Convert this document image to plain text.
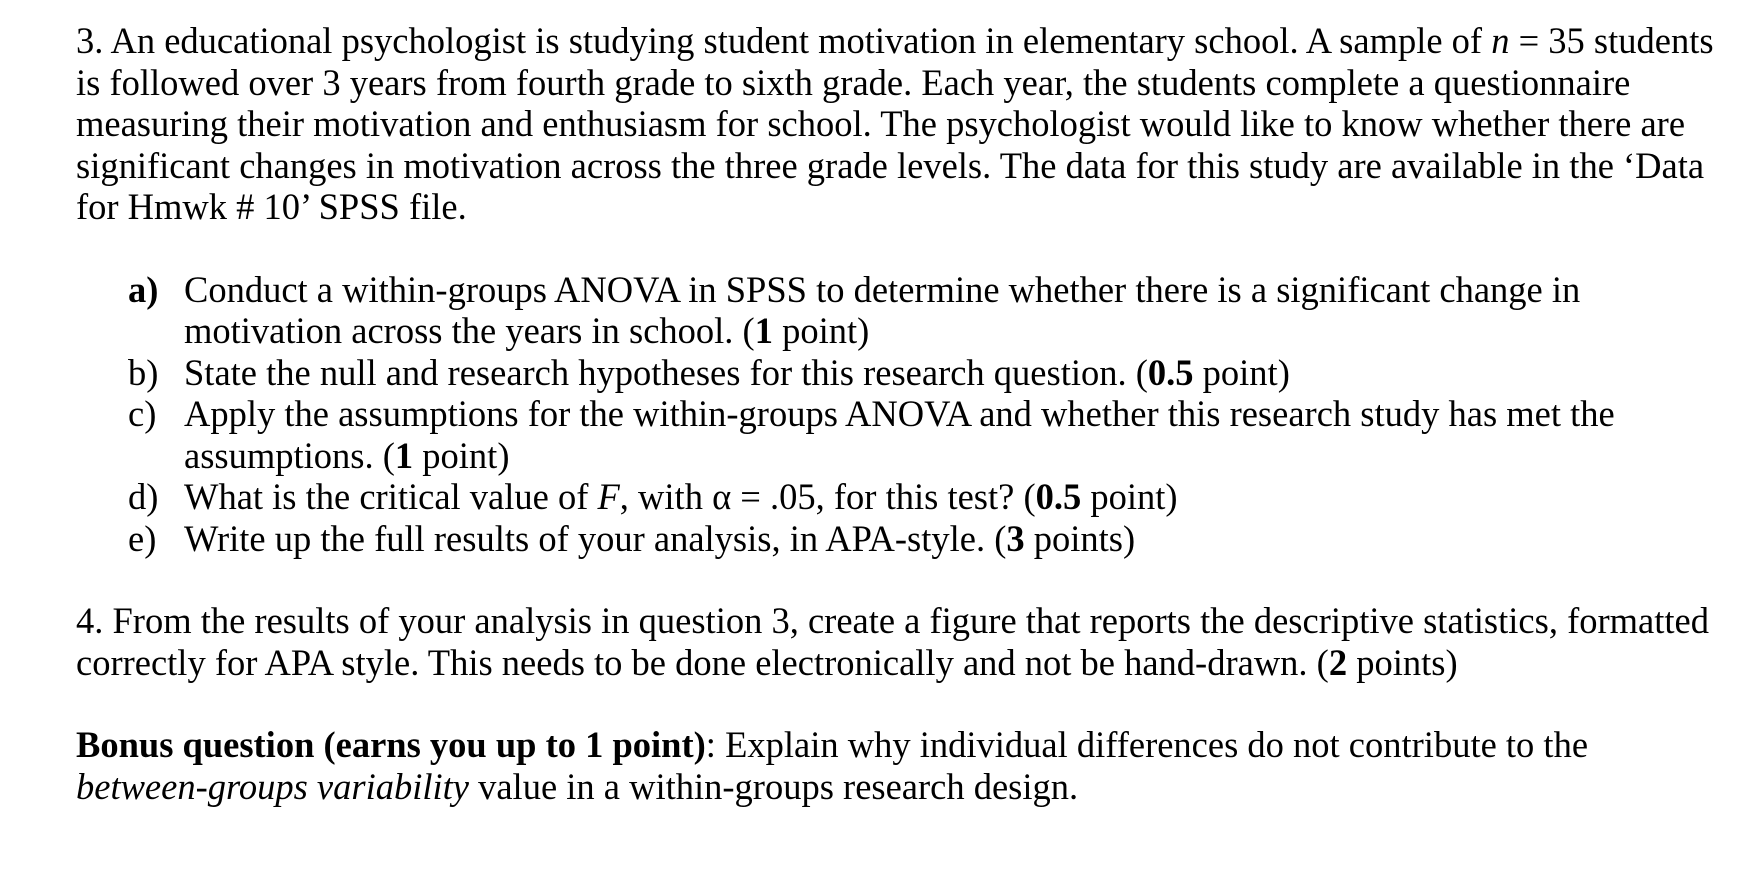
3. An educational psychologist is studying student motivation in elementary school. A sample of n = 35 students is followed over 3 years from fourth grade to sixth grade. Each year, the students complete a questionnaire measuring their motivation and enthusiasm for school. The psychologist would like to know whether there are significant changes in motivation across the three grade levels. The data for this study are available in the ‘Data for Hmwk # 10’ SPSS file.

a) Conduct a within-groups ANOVA in SPSS to determine whether there is a significant change in motivation across the years in school. (1 point)
b) State the null and research hypotheses for this research question. (0.5 point)
c) Apply the assumptions for the within-groups ANOVA and whether this research study has met the assumptions. (1 point)
d) What is the critical value of F, with α = .05, for this test? (0.5 point)
e) Write up the full results of your analysis, in APA-style. (3 points)

4. From the results of your analysis in question 3, create a figure that reports the descriptive statistics, formatted correctly for APA style. This needs to be done electronically and not be hand-drawn. (2 points)

Bonus question (earns you up to 1 point): Explain why individual differences do not contribute to the between-groups variability value in a within-groups research design.
